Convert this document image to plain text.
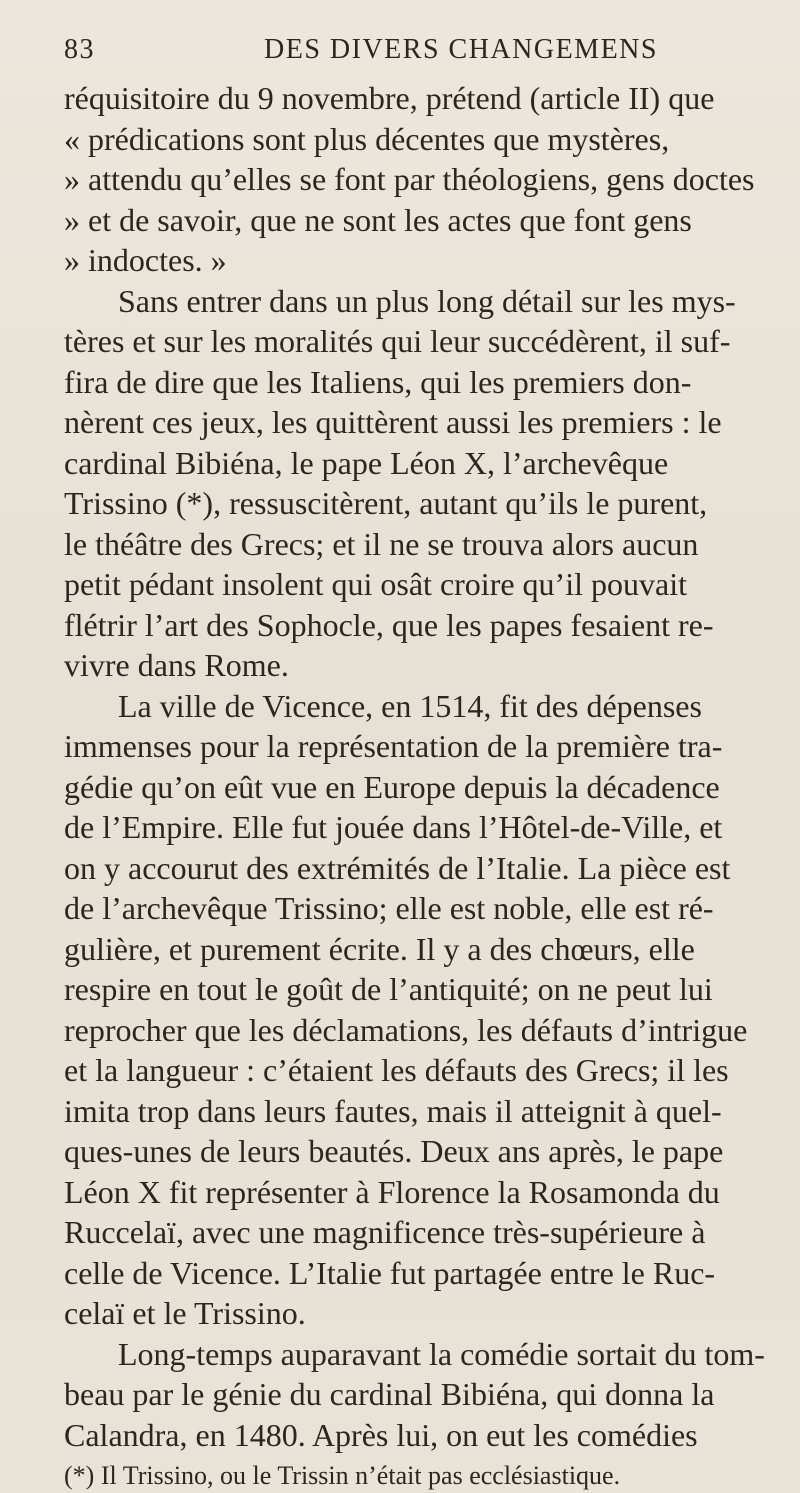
83	DES DIVERS CHANGEMENS
réquisitoire du 9 novembre, prétend (article II) que
« prédications sont plus décentes que mystères,
» attendu qu’elles se font par théologiens, gens doctes
» et de savoir, que ne sont les actes que font gens
» indoctes. »
Sans entrer dans un plus long détail sur les mys-
tères et sur les moralités qui leur succédèrent, il suf-
fira de dire que les Italiens, qui les premiers don-
nèrent ces jeux, les quittèrent aussi les premiers : le
cardinal Bibiéna, le pape Léon X, l’archevêque
Trissino (*), ressuscitèrent, autant qu’ils le purent,
le théâtre des Grecs; et il ne se trouva alors aucun
petit pédant insolent qui osât croire qu’il pouvait
flétrir l’art des Sophocle, que les papes fesaient re-
vivre dans Rome.
La ville de Vicence, en 1514, fit des dépenses
immenses pour la représentation de la première tra-
gédie qu’on eût vue en Europe depuis la décadence
de l’Empire. Elle fut jouée dans l’Hôtel-de-Ville, et
on y accourut des extrémités de l’Italie. La pièce est
de l’archevêque Trissino; elle est noble, elle est ré-
gulière, et purement écrite. Il y a des chœurs, elle
respire en tout le goût de l’antiquité; on ne peut lui
reprocher que les déclamations, les défauts d’intrigue
et la langueur : c’étaient les défauts des Grecs; il les
imita trop dans leurs fautes, mais il atteignit à quel-
ques-unes de leurs beautés. Deux ans après, le pape
Léon X fit représenter à Florence la Rosamonda du
Ruccelaï, avec une magnificence très-supérieure à
celle de Vicence. L’Italie fut partagée entre le Ruc-
celaï et le Trissino.
Long-temps auparavant la comédie sortait du tom-
beau par le génie du cardinal Bibiéna, qui donna la
Calandra, en 1480. Après lui, on eut les comédies
(*) Il Trissino, ou le Trissin n’était pas ecclésiastique.
